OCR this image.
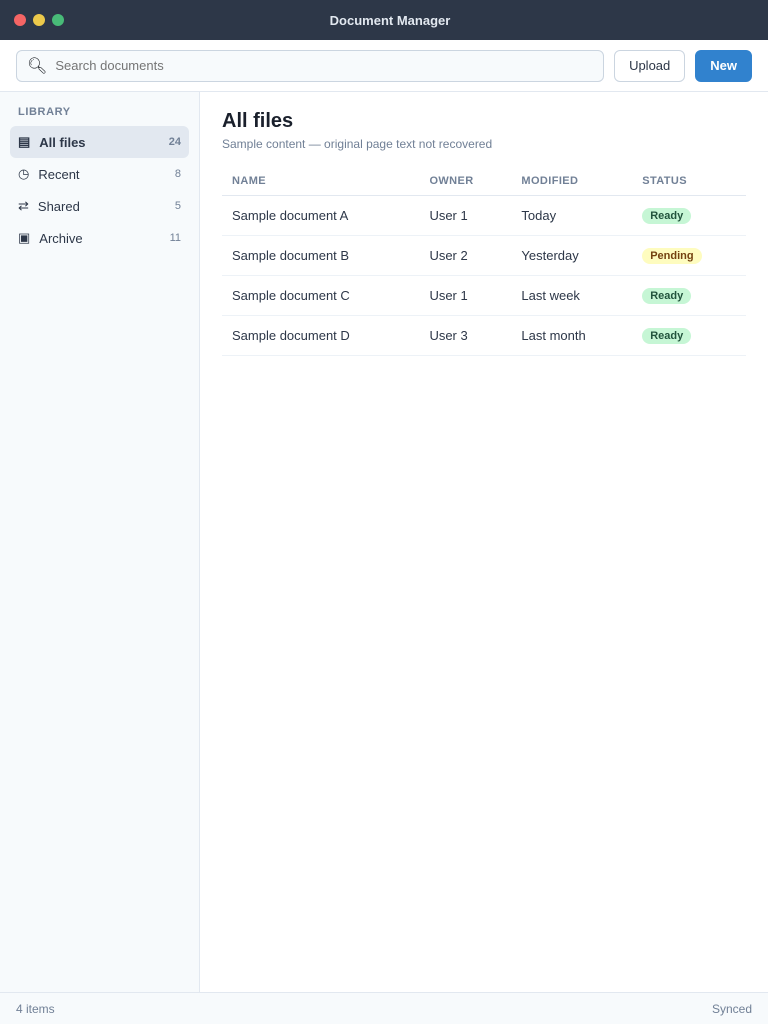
Document Manager
🔍︎
Search documents	Upload	New
LIBRARY
▤ All files	24
◷ Recent	8
⇄ Shared	5
▣ Archive	11
All files
Sample content — original page text not recovered
NAME	OWNER	MODIFIED	STATUS
Sample document A	User 1	Today	Ready
Sample document B	User 2	Yesterday	Pending
Sample document C	User 1	Last week	Ready
Sample document D	User 3	Last month	Ready
4 items	Synced
